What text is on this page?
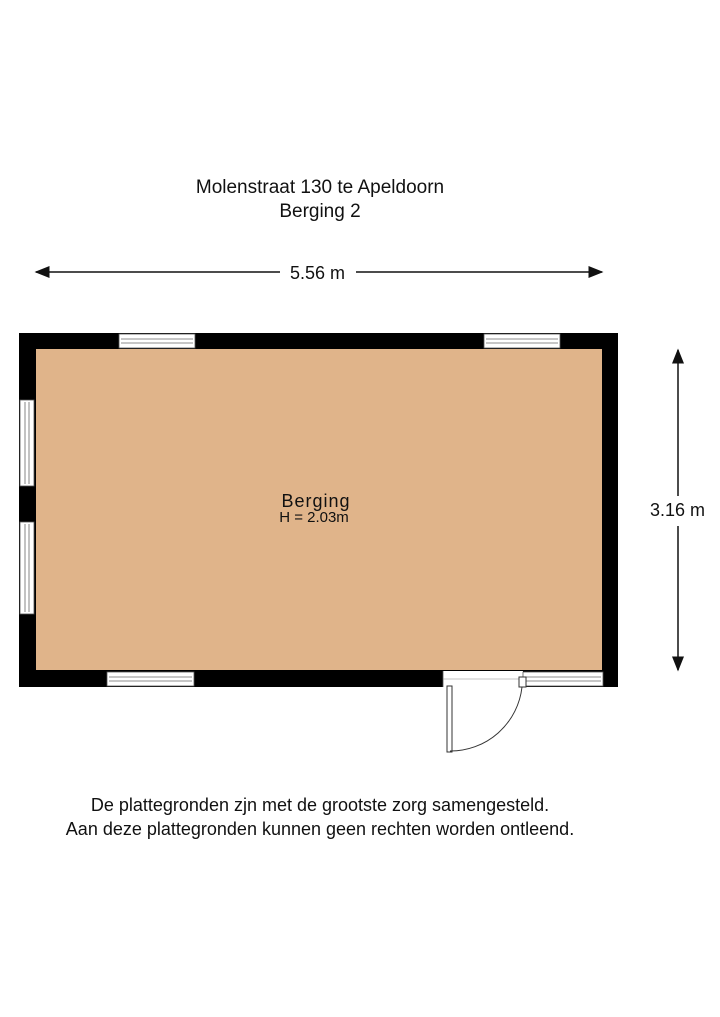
Molenstraat 130 te Apeldoorn
Berging 2
5.56 m
3.16 m
Berging
H = 2.03m
De plattegronden zjn met de grootste zorg samengesteld.
Aan deze plattegronden kunnen geen rechten worden ontleend.
